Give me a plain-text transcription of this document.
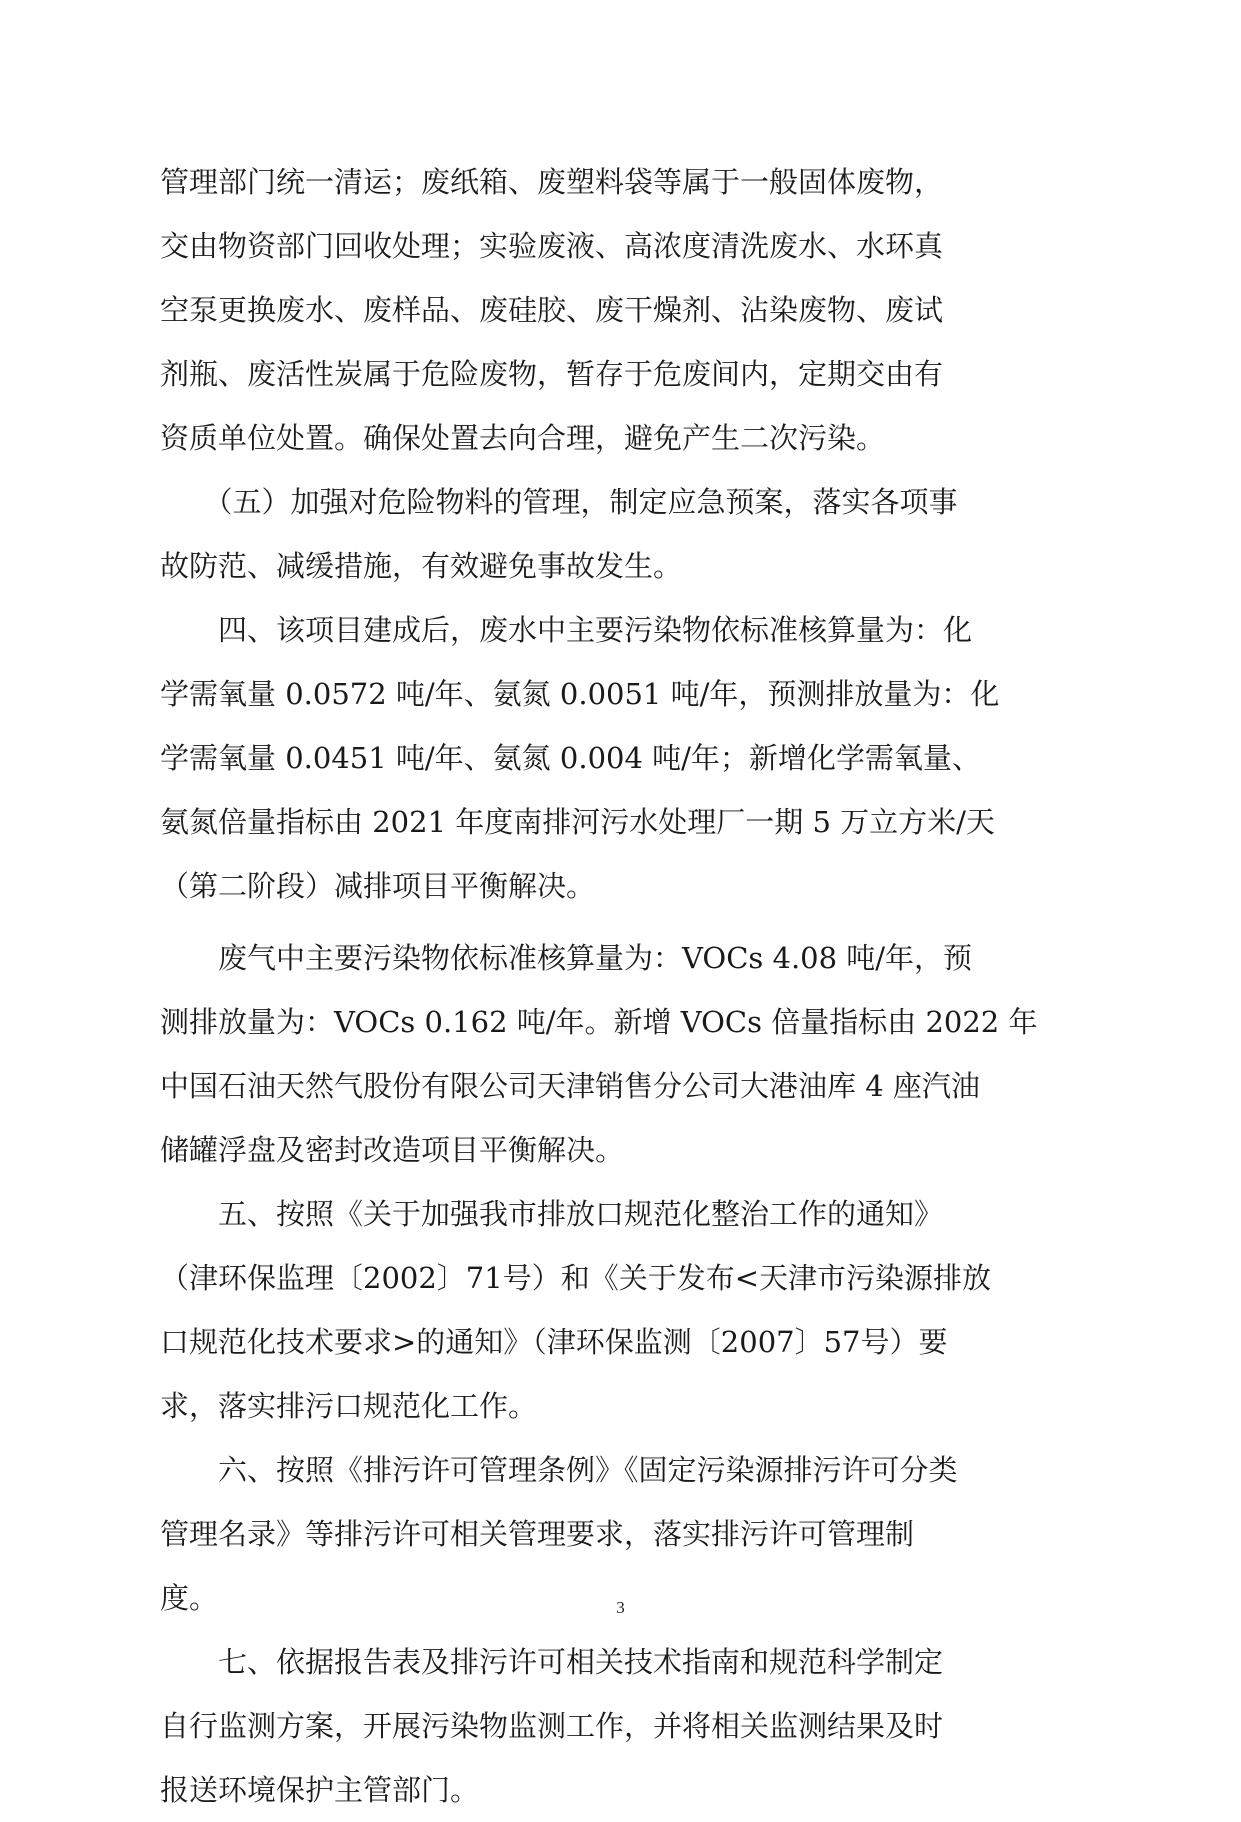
管理部门统一清运；废纸箱、废塑料袋等属于一般固体废物，
交由物资部门回收处理；实验废液、高浓度清洗废水、水环真
空泵更换废水、废样品、废硅胶、废干燥剂、沾染废物、废试
剂瓶、废活性炭属于危险废物，暂存于危废间内，定期交由有
资质单位处置。确保处置去向合理，避免产生二次污染。
　　（五）加强对危险物料的管理，制定应急预案，落实各项事
故防范、减缓措施，有效避免事故发生。
　　四、该项目建成后，废水中主要污染物依标准核算量为：化
学需氧量 0.0572 吨/年、氨氮 0.0051 吨/年，预测排放量为：化
学需氧量 0.0451 吨/年、氨氮 0.004 吨/年；新增化学需氧量、
氨氮倍量指标由 2021 年度南排河污水处理厂一期 5 万立方米/天
（第二阶段）减排项目平衡解决。
　　废气中主要污染物依标准核算量为：VOCs 4.08 吨/年，预
测排放量为：VOCs 0.162 吨/年。新增 VOCs 倍量指标由 2022 年
中国石油天然气股份有限公司天津销售分公司大港油库 4 座汽油
储罐浮盘及密封改造项目平衡解决。
　　五、按照《关于加强我市排放口规范化整治工作的通知》
（津环保监理〔2002〕71号）和《关于发布<天津市污染源排放
口规范化技术要求>的通知》（津环保监测〔2007〕57号）要
求，落实排污口规范化工作。
　　六、按照《排污许可管理条例》《固定污染源排污许可分类
管理名录》等排污许可相关管理要求，落实排污许可管理制
度。
　　七、依据报告表及排污许可相关技术指南和规范科学制定
自行监测方案，开展污染物监测工作，并将相关监测结果及时
报送环境保护主管部门。
3
